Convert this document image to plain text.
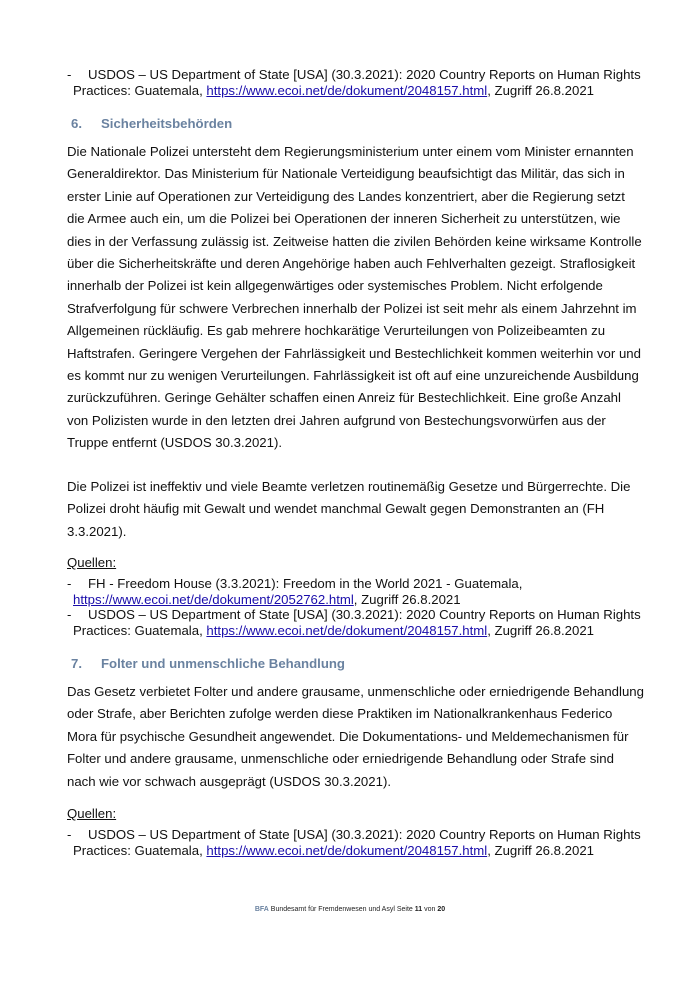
- USDOS – US Department of State [USA] (30.3.2021): 2020 Country Reports on Human Rights
Practices: Guatemala, https://www.ecoi.net/de/dokument/2048157.html, Zugriff 26.8.2021
6. Sicherheitsbehörden
Die Nationale Polizei untersteht dem Regierungsministerium unter einem vom Minister ernannten
Generaldirektor. Das Ministerium für Nationale Verteidigung beaufsichtigt das Militär, das sich in
erster Linie auf Operationen zur Verteidigung des Landes konzentriert, aber die Regierung setzt
die Armee auch ein, um die Polizei bei Operationen der inneren Sicherheit zu unterstützen, wie
dies in der Verfassung zulässig ist. Zeitweise hatten die zivilen Behörden keine wirksame Kontrolle
über die Sicherheitskräfte und deren Angehörige haben auch Fehlverhalten gezeigt. Straflosigkeit
innerhalb der Polizei ist kein allgegenwärtiges oder systemisches Problem. Nicht erfolgende
Strafverfolgung für schwere Verbrechen innerhalb der Polizei ist seit mehr als einem Jahrzehnt im
Allgemeinen rückläufig. Es gab mehrere hochkarätige Verurteilungen von Polizeibeamten zu
Haftstrafen. Geringere Vergehen der Fahrlässigkeit und Bestechlichkeit kommen weiterhin vor und
es kommt nur zu wenigen Verurteilungen. Fahrlässigkeit ist oft auf eine unzureichende Ausbildung
zurückzuführen. Geringe Gehälter schaffen einen Anreiz für Bestechlichkeit. Eine große Anzahl
von Polizisten wurde in den letzten drei Jahren aufgrund von Bestechungsvorwürfen aus der
Truppe entfernt (USDOS 30.3.2021).
Die Polizei ist ineffektiv und viele Beamte verletzen routinemäßig Gesetze und Bürgerrechte. Die
Polizei droht häufig mit Gewalt und wendet manchmal Gewalt gegen Demonstranten an (FH
3.3.2021).
Quellen:
- FH - Freedom House (3.3.2021): Freedom in the World 2021 - Guatemala,
https://www.ecoi.net/de/dokument/2052762.html, Zugriff 26.8.2021
- USDOS – US Department of State [USA] (30.3.2021): 2020 Country Reports on Human Rights
Practices: Guatemala, https://www.ecoi.net/de/dokument/2048157.html, Zugriff 26.8.2021
7. Folter und unmenschliche Behandlung
Das Gesetz verbietet Folter und andere grausame, unmenschliche oder erniedrigende Behandlung
oder Strafe, aber Berichten zufolge werden diese Praktiken im Nationalkrankenhaus Federico
Mora für psychische Gesundheit angewendet. Die Dokumentations- und Meldemechanismen für
Folter und andere grausame, unmenschliche oder erniedrigende Behandlung oder Strafe sind
nach wie vor schwach ausgeprägt (USDOS 30.3.2021).
Quellen:
- USDOS – US Department of State [USA] (30.3.2021): 2020 Country Reports on Human Rights
Practices: Guatemala, https://www.ecoi.net/de/dokument/2048157.html, Zugriff 26.8.2021
BFA Bundesamt für Fremdenwesen und Asyl Seite 11 von 20
